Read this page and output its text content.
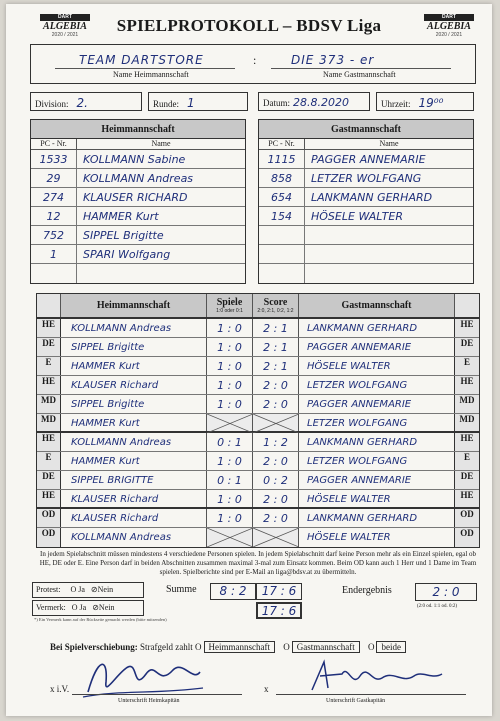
DART
ALGEBIA
2020 / 2021
DART
ALGEBIA
2020 / 2021
SPIELPROTOKOLL – BDSV Liga
TEAM DARTSTORE
Name Heimmannschaft
:	DIE 373 - er
Name Gastmannschaft
Division: 2.	Runde: 1	Datum: 28.8.2020	Uhrzeit: 19⁰⁰
Heimmannschaft
PC - Nr.	Name
1533	KOLLMANN Sabine
29	KOLLMANN Andreas
274	KLAUSER RICHARD
12	HAMMER Kurt
752	SIPPEL Brigitte
1	SPARI Wolfgang
Gastmannschaft
PC - Nr.	Name
1115	PAGGER ANNEMARIE
858	LETZER WOLFGANG
654	LANKMANN GERHARD
154	HÖSELE WALTER
Heimmannschaft	Spiele
1:0 oder 0:1
Score
2:0, 2:1, 0:2, 1:2	Gastmannschaft
HE	KOLLMANN Andreas	1 : 0	2 : 1	LANKMANN GERHARD	HE
DE	SIPPEL Brigitte	1 : 0	2 : 1	PAGGER ANNEMARIE	DE
E	HAMMER Kurt	1 : 0	2 : 1	HÖSELE WALTER	E
HE	KLAUSER Richard	1 : 0	2 : 0	LETZER WOLFGANG	HE
MD	SIPPEL Brigitte	1 : 0	2 : 0	PAGGER ANNEMARIE	MD
MD	HAMMER Kurt	LETZER WOLFGANG	MD
HE	KOLLMANN Andreas	0 : 1	1 : 2	LANKMANN GERHARD	HE
E	HAMMER Kurt	1 : 0	2 : 0	LETZER WOLFGANG	E
DE	SIPPEL BRIGITTE	0 : 1	0 : 2	PAGGER ANNEMARIE	DE
HE	KLAUSER Richard	1 : 0	2 : 0	HÖSELE WALTER	HE
OD	KLAUSER Richard	1 : 0	2 : 0	LANKMANN GERHARD	OD
OD	KOLLMANN Andreas	HÖSELE WALTER	OD
In jedem Spielabschnitt müssen mindestens 4 verschiedene Personen spielen. In jedem Spielabschnitt darf keine Person mehr als ein Einzel spielen, egal ob HE, DE oder E. Eine Person darf in beiden Abschnitten zusammen maximal 3-mal zum Einsatz kommen. Beim OD kann auch 1 Herr und 1 Dame im Team spielen. Spielberichte sind per E-Mail an liga@bdsv.at zu übermitteln.
Protest: O Ja ⊘Nein
Vermerk: O Ja ⊘Nein
*) Ein Vermerk kann auf der Rückseite gemacht werden (bitte mitsenden)
Summe	8 : 2	17 : 6
17 : 6
Endergebnis	2 : 0
(2:0 od. 1:1 od. 0:2)
Bei Spielverschiebung: Strafgeld zahlt O Heimmannschaft O Gastmannschaft O beide
x i.V.
Unterschrift Heimkapitän
x
Unterschrift Gastkapitän
